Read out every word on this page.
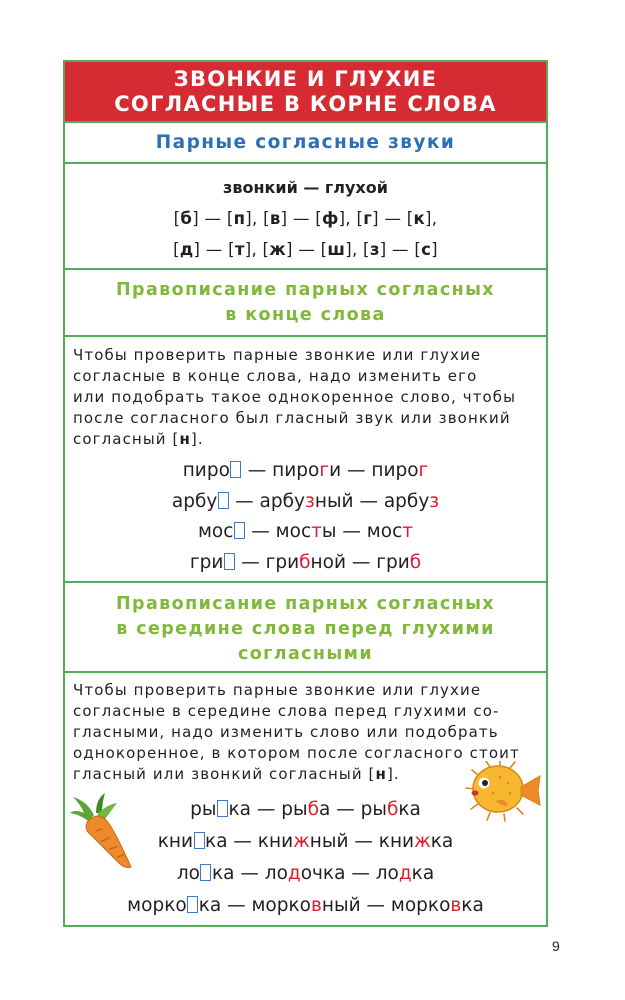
ЗВОНКИЕ И ГЛУХИЕ
СОГЛАСНЫЕ В КОРНЕ СЛОВА
Парные согласные звуки
звонкий — глухой
[б] — [п], [в] — [ф], [г] — [к],
[д] — [т], [ж] — [ш], [з] — [с]
Правописание парных согласных
в конце слова
Чтобы проверить парные звонкие или глухие
согласные в конце слова, надо изменить его
или подобрать такое однокоренное слово, чтобы
после согласного был гласный звук или звонкий
согласный [н].
пиро — пироги — пирог
арбу — арбузный — арбуз
мос — мосты — мост
гри — грибной — гриб
Правописание парных согласных
в середине слова перед глухими
согласными
Чтобы проверить парные звонкие или глухие
согласные в середине слова перед глухими со-
гласными, надо изменить слово или подобрать
однокоренное, в котором после согласного стоит
гласный или звонкий согласный [н].
ры ка — рыба — рыбка
кни ка — книжный — книжка
ло ка — лодочка — лодка
морко ка — морковный — морковка
9
